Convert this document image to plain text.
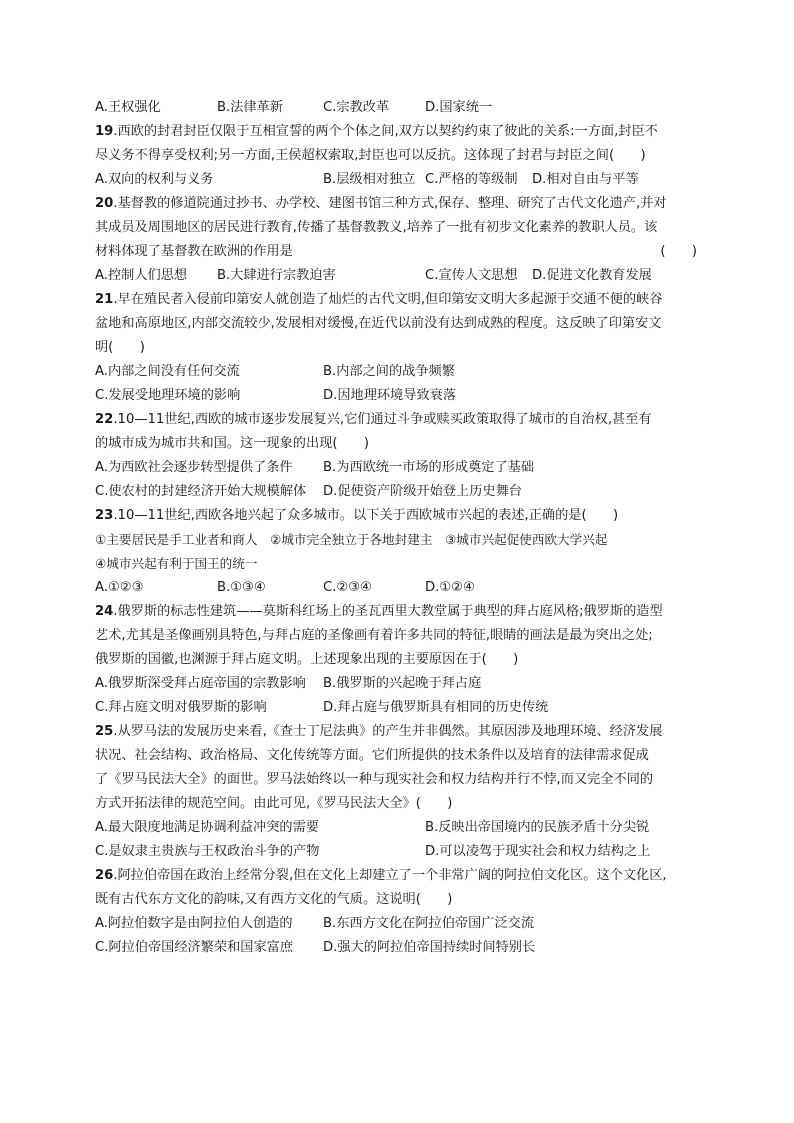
A.王权强化	B.法律革新	C.宗教改革	D.国家统一
19.西欧的封君封臣仅限于互相宣誓的两个个体之间,双方以契约约束了彼此的关系:一方面,封臣不
尽义务不得享受权利;另一方面,王侯超权索取,封臣也可以反抗。这体现了封君与封臣之间(　　)
A.双向的权利与义务	B.层级相对独立 C.严格的等级制 D.相对自由与平等
20.基督教的修道院通过抄书、办学校、建图书馆三种方式,保存、整理、研究了古代文化遗产,并对
其成员及周围地区的居民进行教育,传播了基督教教义,培养了一批有初步文化素养的教职人员。该
材料体现了基督教在欧洲的作用是	(　　)
A.控制人们思想 B.大肆进行宗教迫害	C.宣传人文思想 D.促进文化教育发展
21.早在殖民者入侵前印第安人就创造了灿烂的古代文明,但印第安文明大多起源于交通不便的峡谷
盆地和高原地区,内部交流较少,发展相对缓慢,在近代以前没有达到成熟的程度。这反映了印第安文
明(　　)
A.内部之间没有任何交流	B.内部之间的战争频繁
C.发展受地理环境的影响	D.因地理环境导致衰落
22.10—11世纪,西欧的城市逐步发展复兴,它们通过斗争或赎买政策取得了城市的自治权,甚至有
的城市成为城市共和国。这一现象的出现(　　)
A.为西欧社会逐步转型提供了条件 B.为西欧统一市场的形成奠定了基础
C.使农村的封建经济开始大规模解体 D.促使资产阶级开始登上历史舞台
23.10—11世纪,西欧各地兴起了众多城市。以下关于西欧城市兴起的表述,正确的是(　　)
①主要居民是手工业者和商人　②城市完全独立于各地封建主　③城市兴起促使西欧大学兴起
④城市兴起有利于国王的统一
A.①②③	B.①③④	C.②③④	D.①②④
24.俄罗斯的标志性建筑——莫斯科红场上的圣瓦西里大教堂属于典型的拜占庭风格;俄罗斯的造型
艺术,尤其是圣像画别具特色,与拜占庭的圣像画有着许多共同的特征,眼睛的画法是最为突出之处;
俄罗斯的国徽,也渊源于拜占庭文明。上述现象出现的主要原因在于(　　)
A.俄罗斯深受拜占庭帝国的宗教影响 B.俄罗斯的兴起晚于拜占庭
C.拜占庭文明对俄罗斯的影响	D.拜占庭与俄罗斯具有相同的历史传统
25.从罗马法的发展历史来看,《查士丁尼法典》的产生并非偶然。其原因涉及地理环境、经济发展
状况、社会结构、政治格局、文化传统等方面。它们所提供的技术条件以及培育的法律需求促成
了《罗马民法大全》的面世。罗马法始终以一种与现实社会和权力结构并行不悖,而又完全不同的
方式开拓法律的规范空间。由此可见,《罗马民法大全》(　　)
A.最大限度地满足协调利益冲突的需要	B.反映出帝国境内的民族矛盾十分尖锐
C.是奴隶主贵族与王权政治斗争的产物	D.可以凌驾于现实社会和权力结构之上
26.阿拉伯帝国在政治上经常分裂,但在文化上却建立了一个非常广阔的阿拉伯文化区。这个文化区,
既有古代东方文化的韵味,又有西方文化的气质。这说明(　　)
A.阿拉伯数字是由阿拉伯人创造的 B.东西方文化在阿拉伯帝国广泛交流
C.阿拉伯帝国经济繁荣和国家富庶 D.强大的阿拉伯帝国持续时间特别长
